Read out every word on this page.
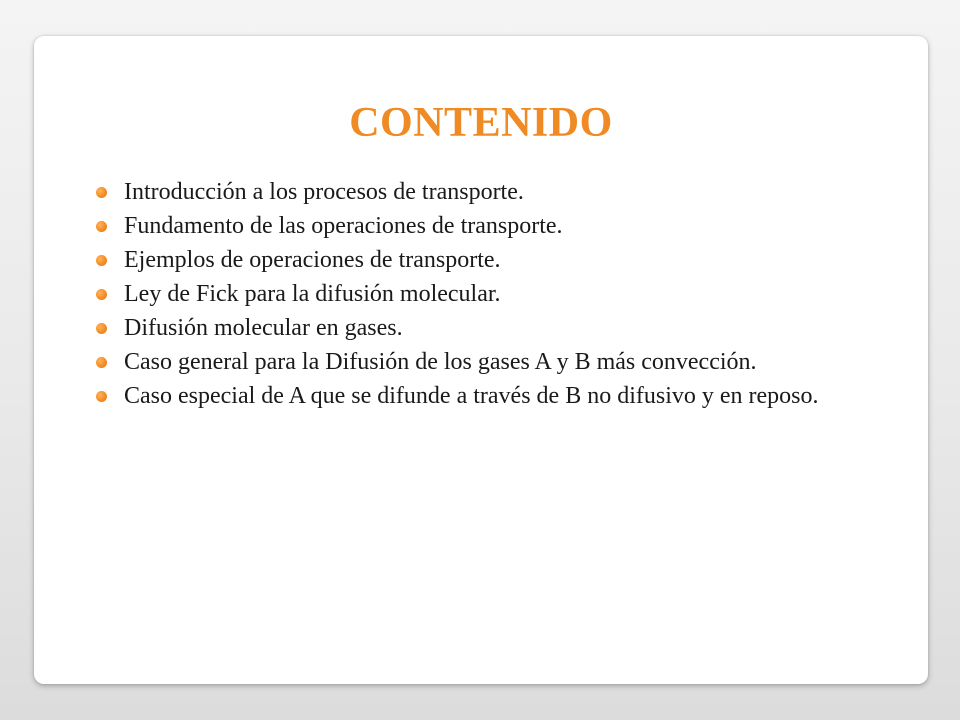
CONTENIDO
Introducción a los procesos de transporte.
Fundamento de las operaciones de transporte.
Ejemplos de operaciones de transporte.
Ley de Fick para la difusión molecular.
Difusión molecular en gases.
Caso general para la Difusión de los gases A y B más convección.
Caso especial de A que se difunde a través de B no difusivo y en reposo.
